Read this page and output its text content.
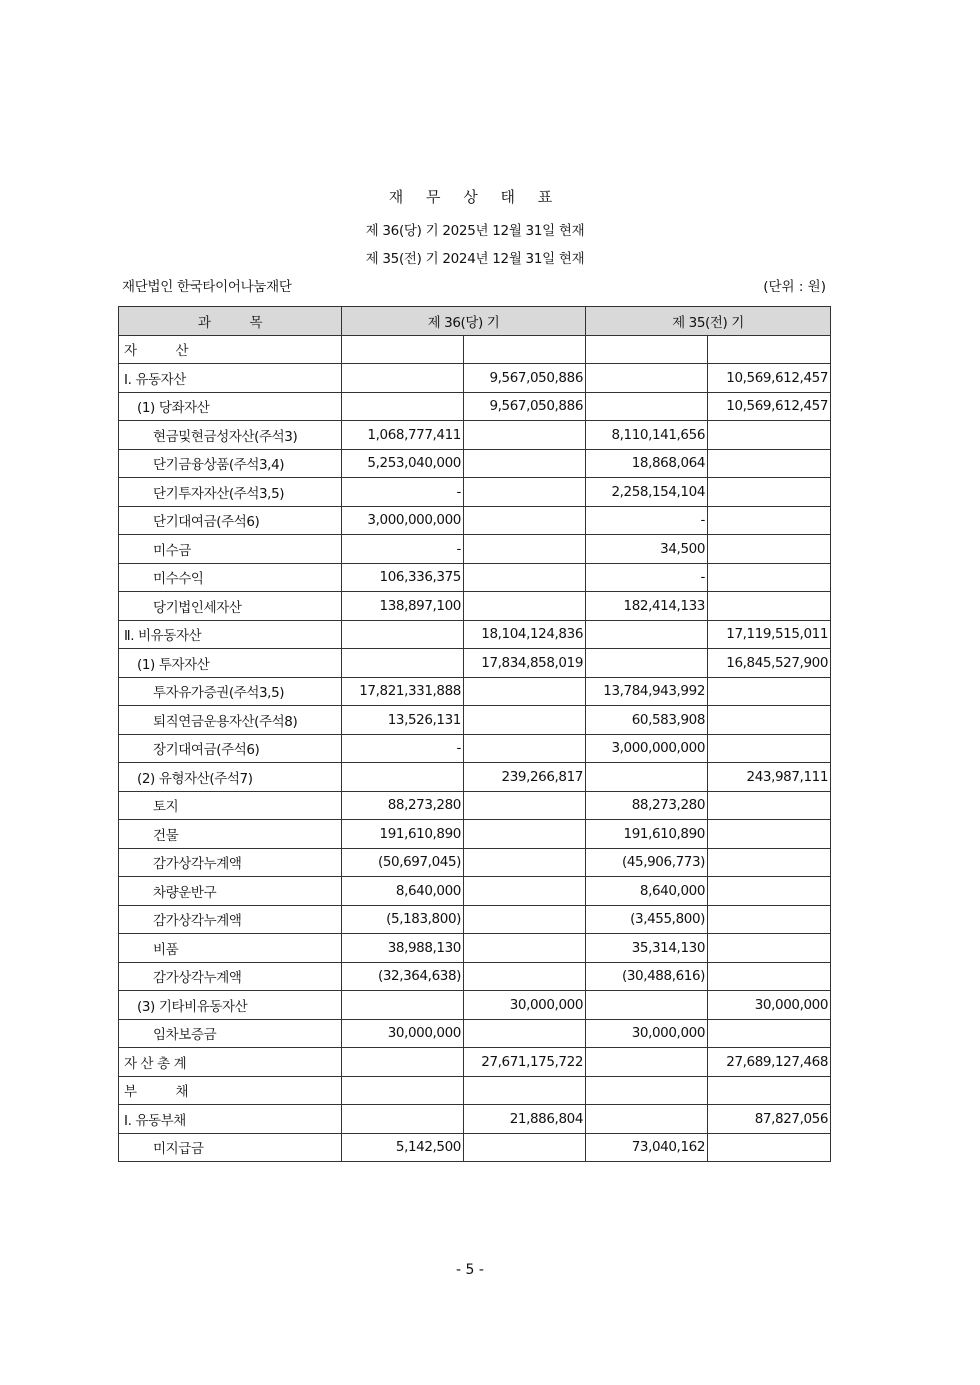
재 무 상 태 표
제 36(당) 기 2025년 12월 31일 현재
제 35(전) 기 2024년 12월 31일 현재
재단법인 한국타이어나눔재단	(단위 : 원)
과          목	제 36(당) 기		제 35(전) 기	
자          산				
Ⅰ. 유동자산		9,567,050,886		10,569,612,457
(1) 당좌자산		9,567,050,886		10,569,612,457
현금및현금성자산(주석3)	1,068,777,411		8,110,141,656	
단기금융상품(주석3,4)	5,253,040,000		18,868,064	
단기투자자산(주석3,5)	-		2,258,154,104	
단기대여금(주석6)	3,000,000,000		-	
미수금	-		34,500	
미수수익	106,336,375		-	
당기법인세자산	138,897,100		182,414,133	
Ⅱ. 비유동자산		18,104,124,836		17,119,515,011
(1) 투자자산		17,834,858,019		16,845,527,900
투자유가증권(주석3,5)	17,821,331,888		13,784,943,992	
퇴직연금운용자산(주석8)	13,526,131		60,583,908	
장기대여금(주석6)	-		3,000,000,000	
(2) 유형자산(주석7)		239,266,817		243,987,111
토지	88,273,280		88,273,280	
건물	191,610,890		191,610,890	
감가상각누계액	(50,697,045)		(45,906,773)	
차량운반구	8,640,000		8,640,000	
감가상각누계액	(5,183,800)		(3,455,800)	
비품	38,988,130		35,314,130	
감가상각누계액	(32,364,638)		(30,488,616)	
(3) 기타비유동자산		30,000,000		30,000,000
임차보증금	30,000,000		30,000,000	
자 산 총 계		27,671,175,722		27,689,127,468
부          채				
Ⅰ. 유동부채		21,886,804		87,827,056
미지급금	5,142,500		73,040,162	
- 5 -
